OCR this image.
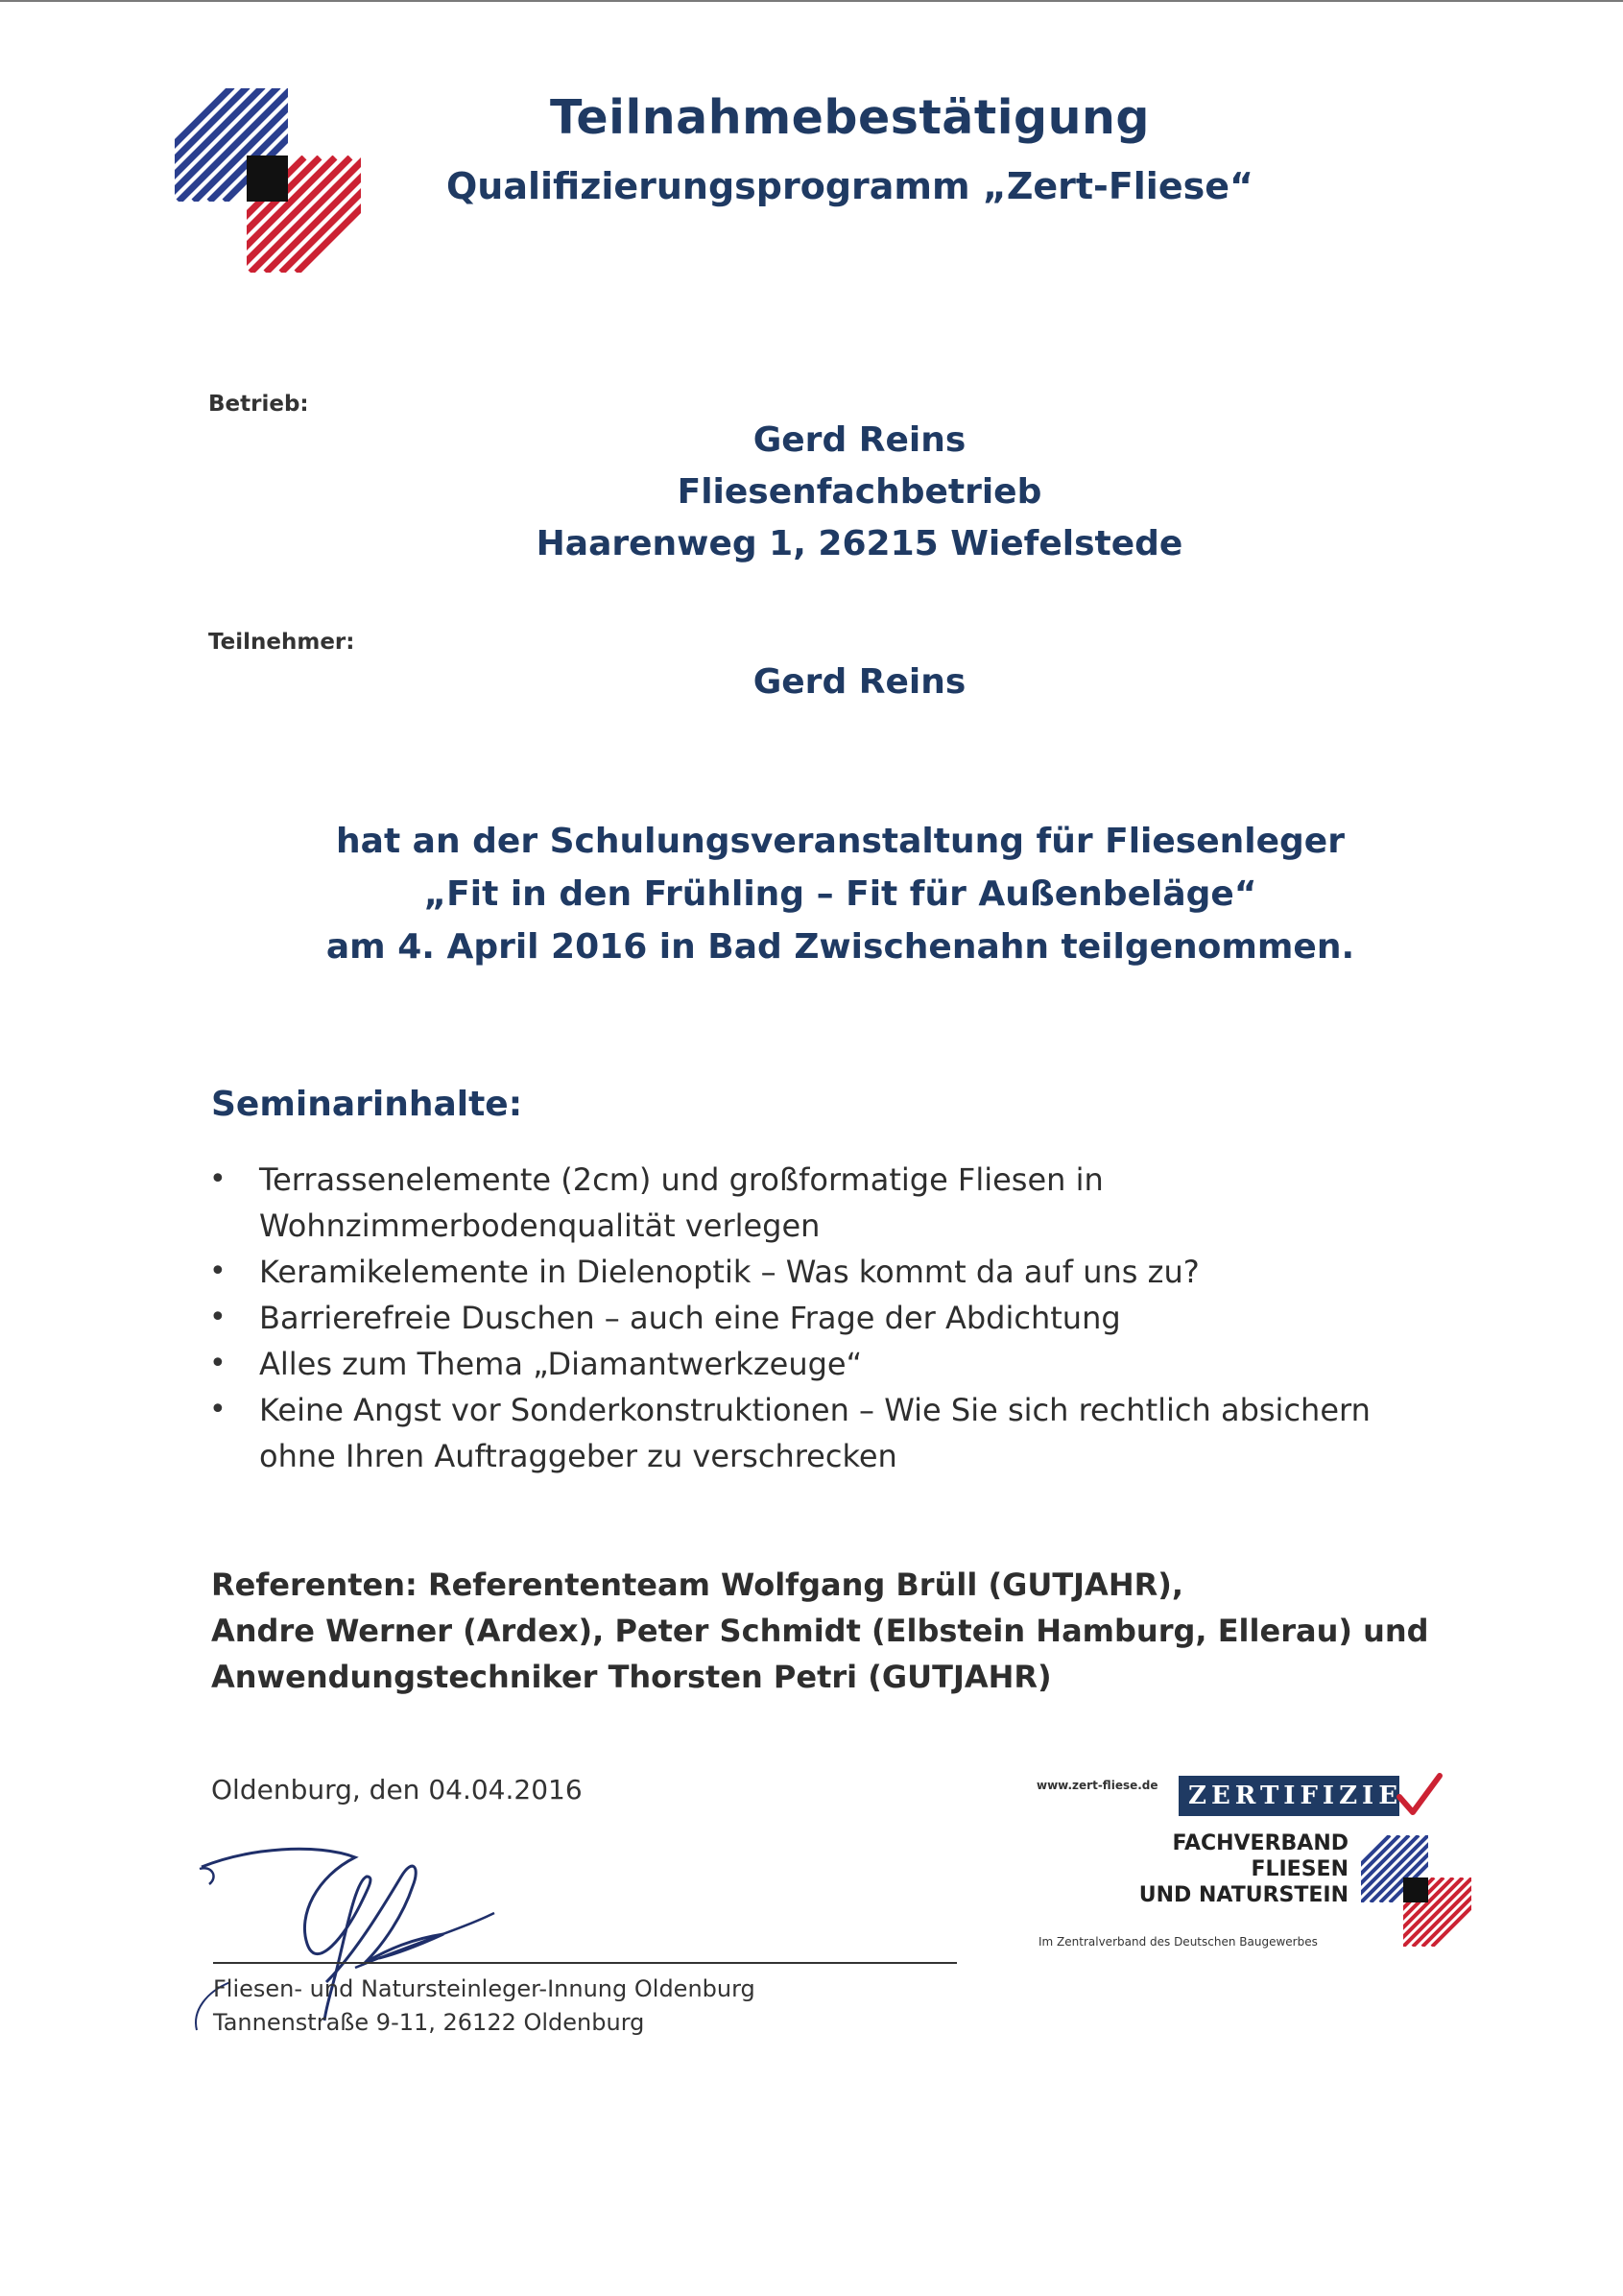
Teilnahmebestätigung
Qualifizierungsprogramm „Zert-Fliese“
Betrieb:
Gerd Reins
Fliesenfachbetrieb
Haarenweg 1, 26215 Wiefelstede
Teilnehmer:
Gerd Reins
hat an der Schulungsveranstaltung für Fliesenleger
„Fit in den Frühling – Fit für Außenbeläge“
am 4. April 2016 in Bad Zwischenahn teilgenommen.
Seminarinhalte:
• Terrassenelemente (2cm) und großformatige Fliesen in Wohnzimmerbodenqualität verlegen
• Keramikelemente in Dielenoptik – Was kommt da auf uns zu?
• Barrierefreie Duschen – auch eine Frage der Abdichtung
• Alles zum Thema „Diamantwerkzeuge“
• Keine Angst vor Sonderkonstruktionen – Wie Sie sich rechtlich absichern ohne Ihren Auftraggeber zu verschrecken
Referenten: Referententeam Wolfgang Brüll (GUTJAHR),
Andre Werner (Ardex), Peter Schmidt (Elbstein Hamburg, Ellerau) und
Anwendungstechniker Thorsten Petri (GUTJAHR)
Oldenburg, den 04.04.2016
Fliesen- und Natursteinleger-Innung Oldenburg
Tannenstraße 9-11, 26122 Oldenburg
www.zert-fliese.de	ZERTIFIZIERT
FACHVERBAND
FLIESEN
UND NATURSTEIN
Im Zentralverband des Deutschen Baugewerbes
